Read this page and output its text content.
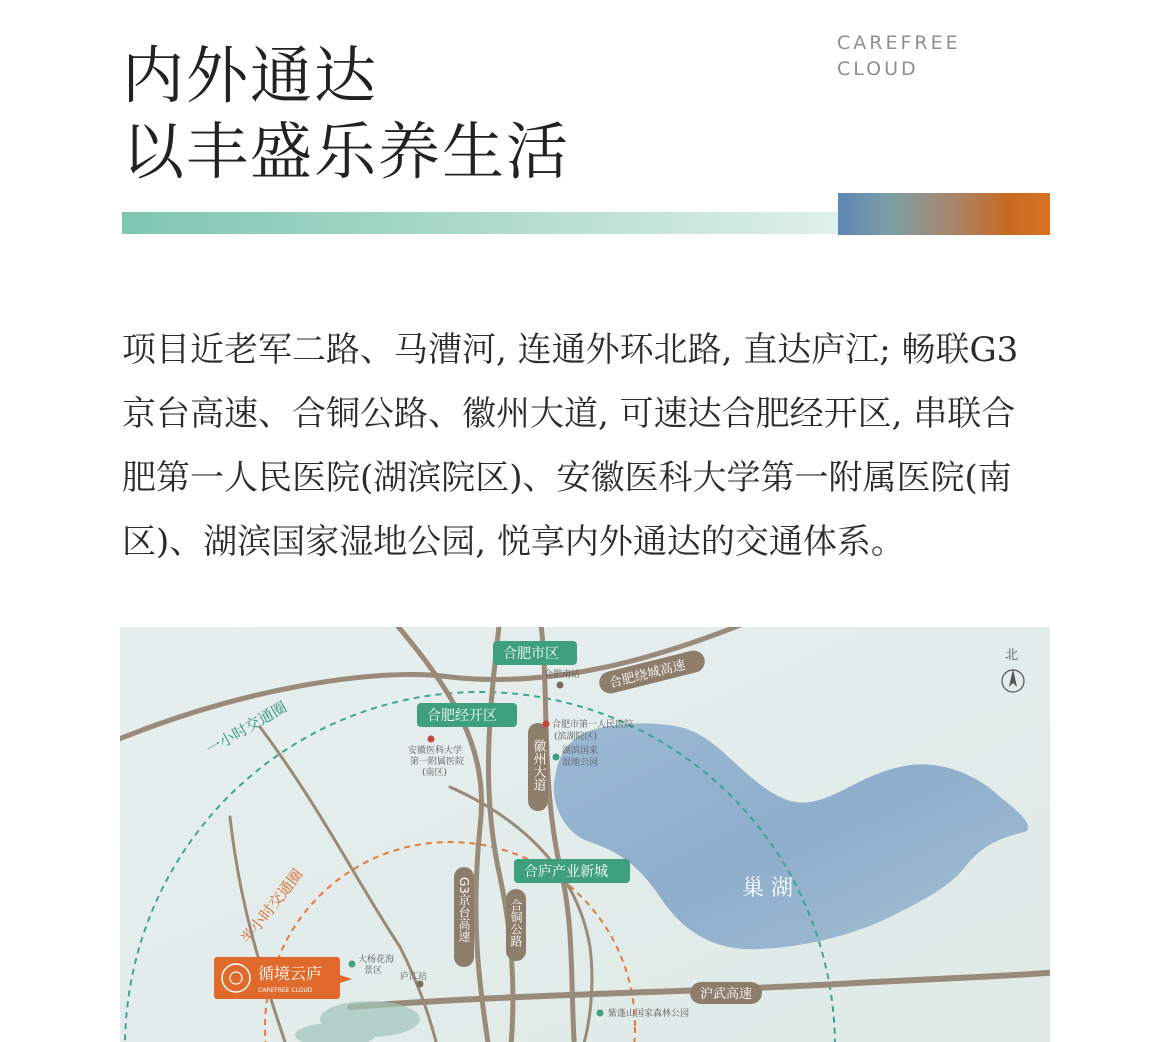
内外通达
以丰盛乐养生活
CAREFREE
CLOUD
项目近老军二路、马漕河, 连通外环北路, 直达庐江; 畅联G3
京台高速、合铜公路、徽州大道, 可速达合肥经开区, 串联合
肥第一人民医院(湖滨院区)、安徽医科大学第一附属医院(南
区)、湖滨国家湿地公园, 悦享内外通达的交通体系。
巢 湖
一小时交通圈
半小时交通圈
徽州大道
G3京台高速	合铜公路
合肥绕城高速
沪武高速
合肥市区
合肥经开区
合庐产业新城
合肥南站
合肥市第一人民医院
(滨湖院区)
安徽医科大学
第一附属医院
(南区)
湖滨国家
湿地公园
大杨花海
景区
庐江站
紫蓬山国家森林公园
循境云庐
CAREFREE CLOUD
北
